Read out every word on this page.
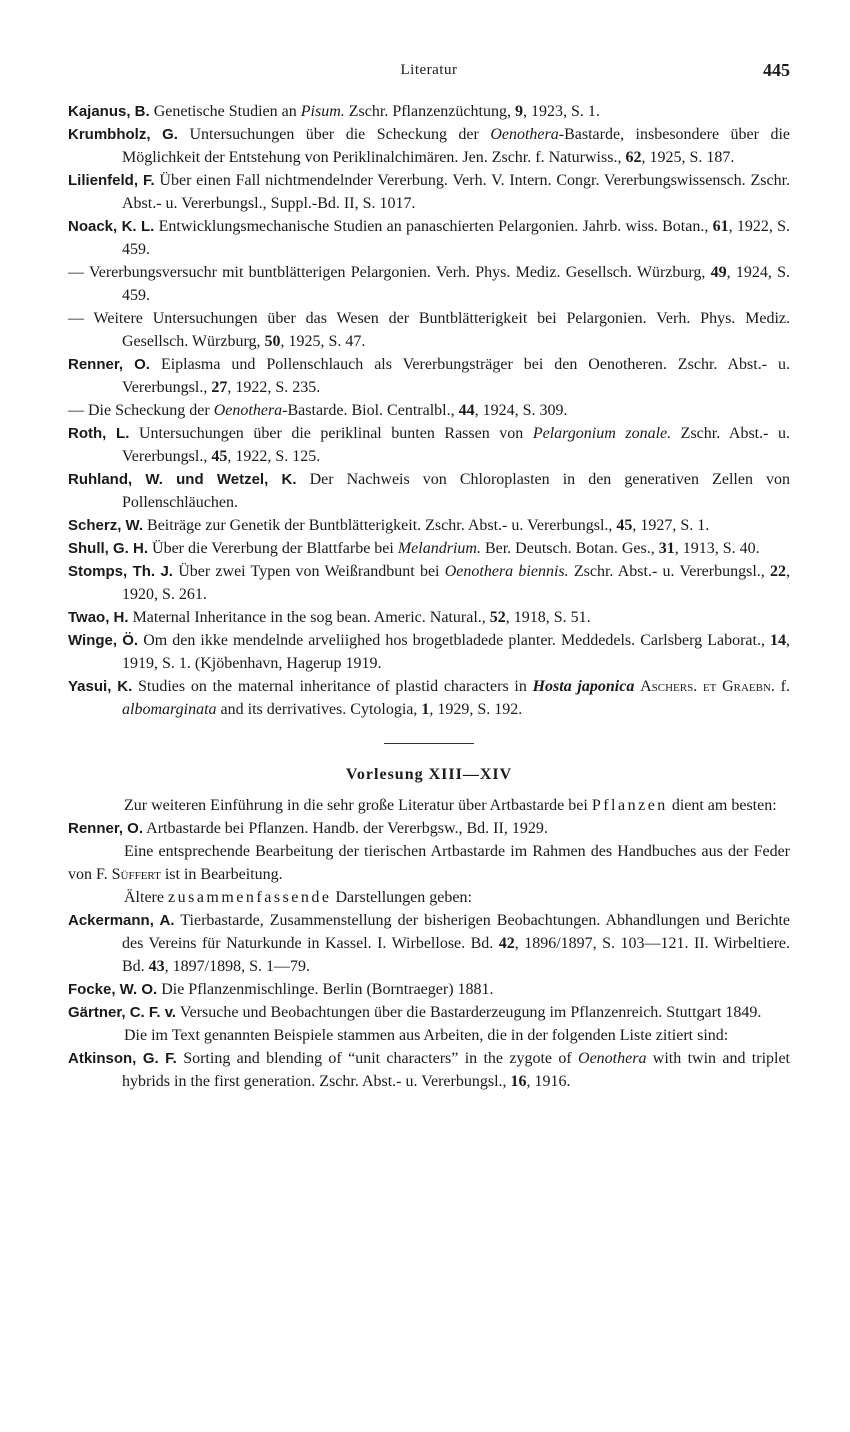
Literatur	445

Kajanus, B. Genetische Studien an Pisum. Zschr. Pflanzenzüchtung, 9, 1923, S. 1.

Krumbholz, G. Untersuchungen über die Scheckung der Oenothera-Bastarde, insbesondere über die Möglichkeit der Entstehung von Periklinalchimären. Jen. Zschr. f. Naturwiss., 62, 1925, S. 187.

Lilienfeld, F. Über einen Fall nichtmendelnder Vererbung. Verh. V. Intern. Congr. Vererbungswissensch. Zschr. Abst.- u. Vererbungsl., Suppl.-Bd. II, S. 1017.

Noack, K. L. Entwicklungsmechanische Studien an panaschierten Pelargonien. Jahrb. wiss. Botan., 61, 1922, S. 459.

— Vererbungsversuchr mit buntblätterigen Pelargonien. Verh. Phys. Mediz. Gesellsch. Würzburg, 49, 1924, S. 459.

— Weitere Untersuchungen über das Wesen der Buntblätterigkeit bei Pelargonien. Verh. Phys. Mediz. Gesellsch. Würzburg, 50, 1925, S. 47.

Renner, O. Eiplasma und Pollenschlauch als Vererbungsträger bei den Oenotheren. Zschr. Abst.- u. Vererbungsl., 27, 1922, S. 235.

— Die Scheckung der Oenothera-Bastarde. Biol. Centralbl., 44, 1924, S. 309.

Roth, L. Untersuchungen über die periklinal bunten Rassen von Pelargonium zonale. Zschr. Abst.- u. Vererbungsl., 45, 1922, S. 125.

Ruhland, W. und Wetzel, K. Der Nachweis von Chloroplasten in den generativen Zellen von Pollenschläuchen.

Scherz, W. Beiträge zur Genetik der Buntblätterigkeit. Zschr. Abst.- u. Vererbungsl., 45, 1927, S. 1.

Shull, G. H. Über die Vererbung der Blattfarbe bei Melandrium. Ber. Deutsch. Botan. Ges., 31, 1913, S. 40.

Stomps, Th. J. Über zwei Typen von Weißrandbunt bei Oenothera biennis. Zschr. Abst.- u. Vererbungsl., 22, 1920, S. 261.

Twao, H. Maternal Inheritance in the sog bean. Americ. Natural., 52, 1918, S. 51.

Winge, Ö. Om den ikke mendelnde arveliighed hos brogetbladede planter. Meddedels. Carlsberg Laborat., 14, 1919, S. 1. (Kjöbenhavn, Hagerup 1919.

Yasui, K. Studies on the maternal inheritance of plastid characters in Hosta japonica Aschers. et Graebn. f. albomarginata and its derrivatives. Cytologia, 1, 1929, S. 192.

Vorlesung XIII—XIV

Zur weiteren Einführung in die sehr große Literatur über Artbastarde bei Pflanzen dient am besten:

Renner, O. Artbastarde bei Pflanzen. Handb. der Vererbgsw., Bd. II, 1929.

Eine entsprechende Bearbeitung der tierischen Artbastarde im Rahmen des Handbuches aus der Feder von F. Süffert ist in Bearbeitung.

Ältere zusammenfassende Darstellungen geben:

Ackermann, A. Tierbastarde, Zusammenstellung der bisherigen Beobachtungen. Abhandlungen und Berichte des Vereins für Naturkunde in Kassel. I. Wirbellose. Bd. 42, 1896/1897, S. 103—121. II. Wirbeltiere. Bd. 43, 1897/1898, S. 1—79.

Focke, W. O. Die Pflanzenmischlinge. Berlin (Borntraeger) 1881.

Gärtner, C. F. v. Versuche und Beobachtungen über die Bastarderzeugung im Pflanzenreich. Stuttgart 1849.

Die im Text genannten Beispiele stammen aus Arbeiten, die in der folgenden Liste zitiert sind:

Atkinson, G. F. Sorting and blending of “unit characters” in the zygote of Oenothera with twin and triplet hybrids in the first generation. Zschr. Abst.- u. Vererbungsl., 16, 1916.
